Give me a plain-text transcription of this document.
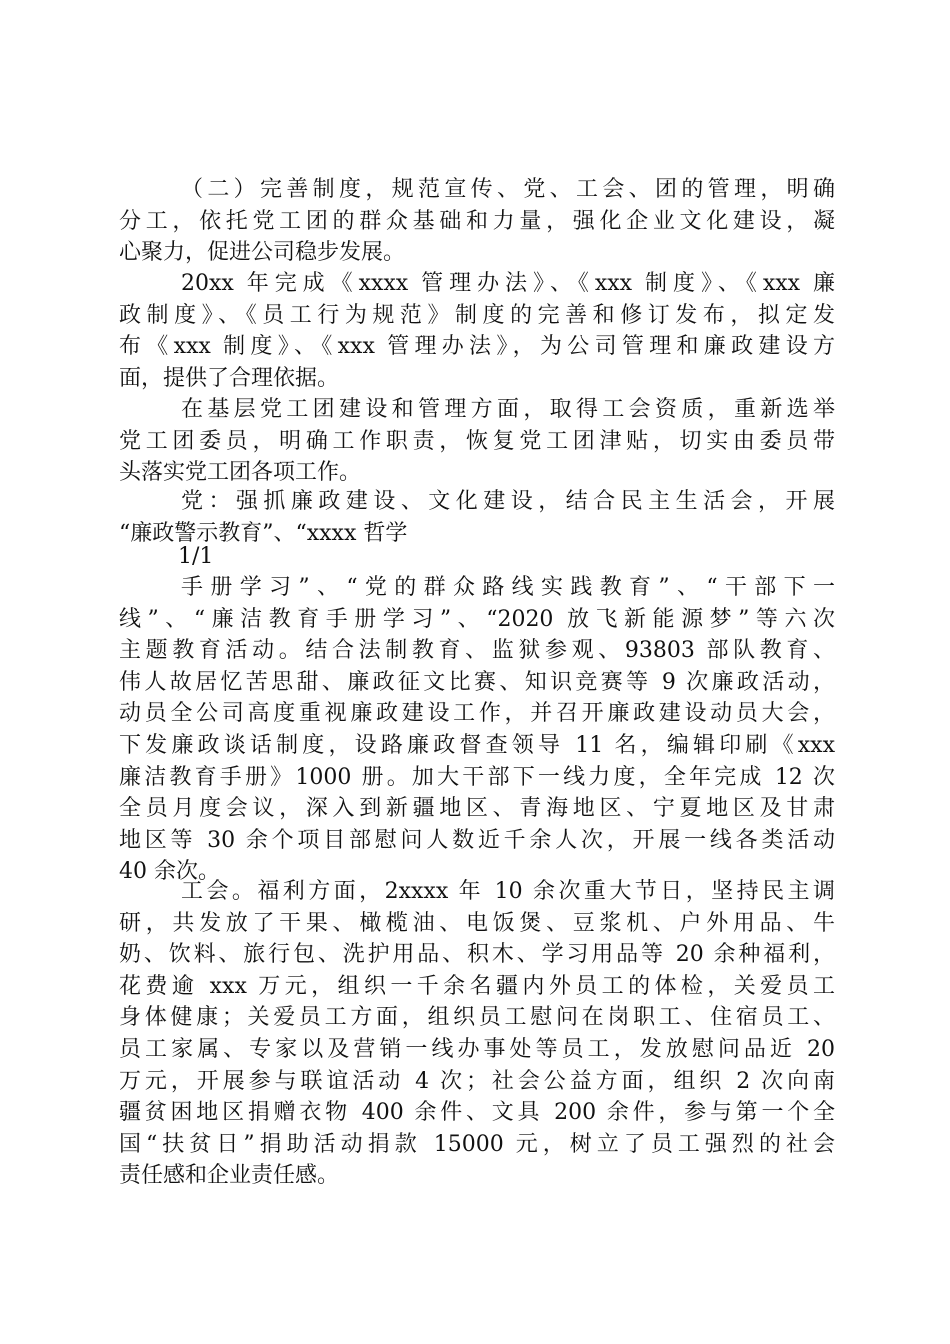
（二）完善制度，规范宣传、党、工会、团的管理，明确
分工，依托党工团的群众基础和力量，强化企业文化建设，凝
心聚力，促进公司稳步发展。
20xx 年完成《xxxx 管理办法》、《xxx 制度》、《xxx 廉
政制度》、《员工行为规范》制度的完善和修订发布，拟定发
布《xxx 制度》、《xxx 管理办法》，为公司管理和廉政建设方
面，提供了合理依据。
在基层党工团建设和管理方面，取得工会资质，重新选举
党工团委员，明确工作职责，恢复党工团津贴，切实由委员带
头落实党工团各项工作。
党：强抓廉政建设、文化建设，结合民主生活会，开展
“廉政警示教育”、“xxxx 哲学
1/1
手册学习”、“党的群众路线实践教育”、“干部下一
线”、“廉洁教育手册学习”、“2020 放飞新能源梦”等六次
主题教育活动。结合法制教育、监狱参观、93803 部队教育、
伟人故居忆苦思甜、廉政征文比赛、知识竞赛等 9 次廉政活动，
动员全公司高度重视廉政建设工作，并召开廉政建设动员大会，
下发廉政谈话制度，设路廉政督查领导 11 名，编辑印刷《xxx
廉洁教育手册》1000 册。加大干部下一线力度，全年完成 12 次
全员月度会议，深入到新疆地区、青海地区、宁夏地区及甘肃
地区等 30 余个项目部慰问人数近千余人次，开展一线各类活动
40 余次。
工会。福利方面，2xxxx 年 10 余次重大节日，坚持民主调
研，共发放了干果、橄榄油、电饭煲、豆浆机、户外用品、牛
奶、饮料、旅行包、洗护用品、积木、学习用品等 20 余种福利，
花费逾 xxx 万元，组织一千余名疆内外员工的体检，关爱员工
身体健康；关爱员工方面，组织员工慰问在岗职工、住宿员工、
员工家属、专家以及营销一线办事处等员工，发放慰问品近 20
万元，开展参与联谊活动 4 次；社会公益方面，组织 2 次向南
疆贫困地区捐赠衣物 400 余件、文具 200 余件，参与第一个全
国“扶贫日”捐助活动捐款 15000 元，树立了员工强烈的社会
责任感和企业责任感。
